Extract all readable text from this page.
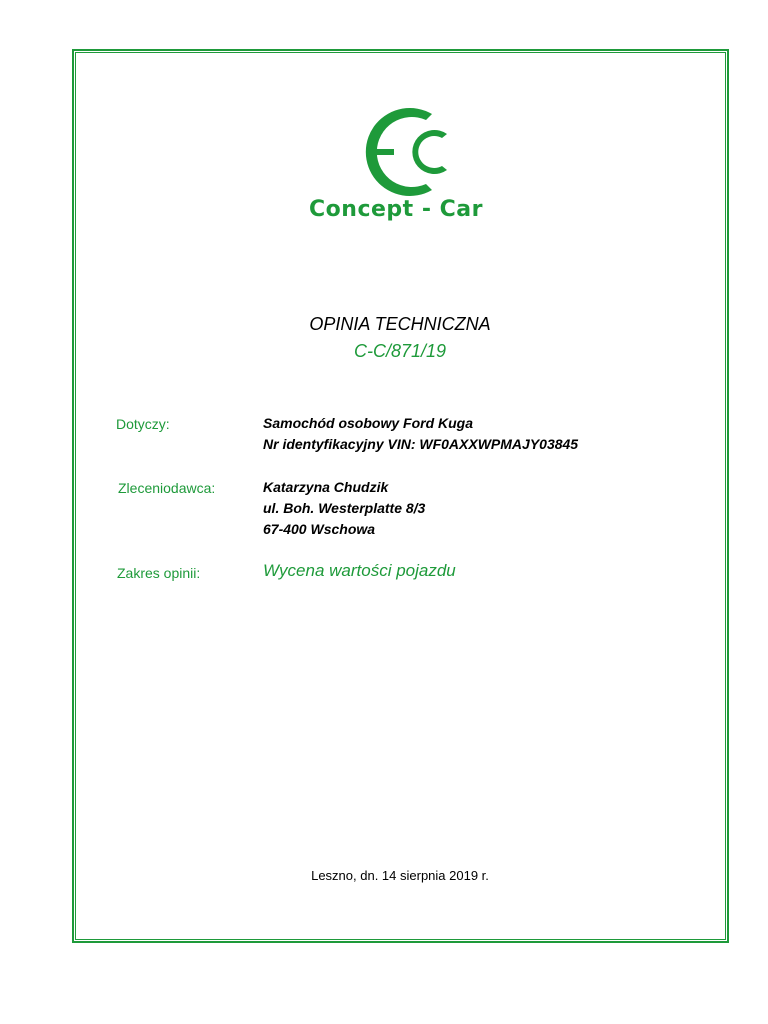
Concept - Car
OPINIA TECHNICZNA
C-C/871/19
Dotyczy:	Samochód osobowy Ford Kuga
Nr identyfikacyjny VIN: WF0AXXWPMAJY03845
Zleceniodawca:	Katarzyna Chudzik
ul. Boh. Westerplatte 8/3
67-400 Wschowa
Zakres opinii:	Wycena wartości pojazdu
Leszno, dn. 14 sierpnia 2019 r.
